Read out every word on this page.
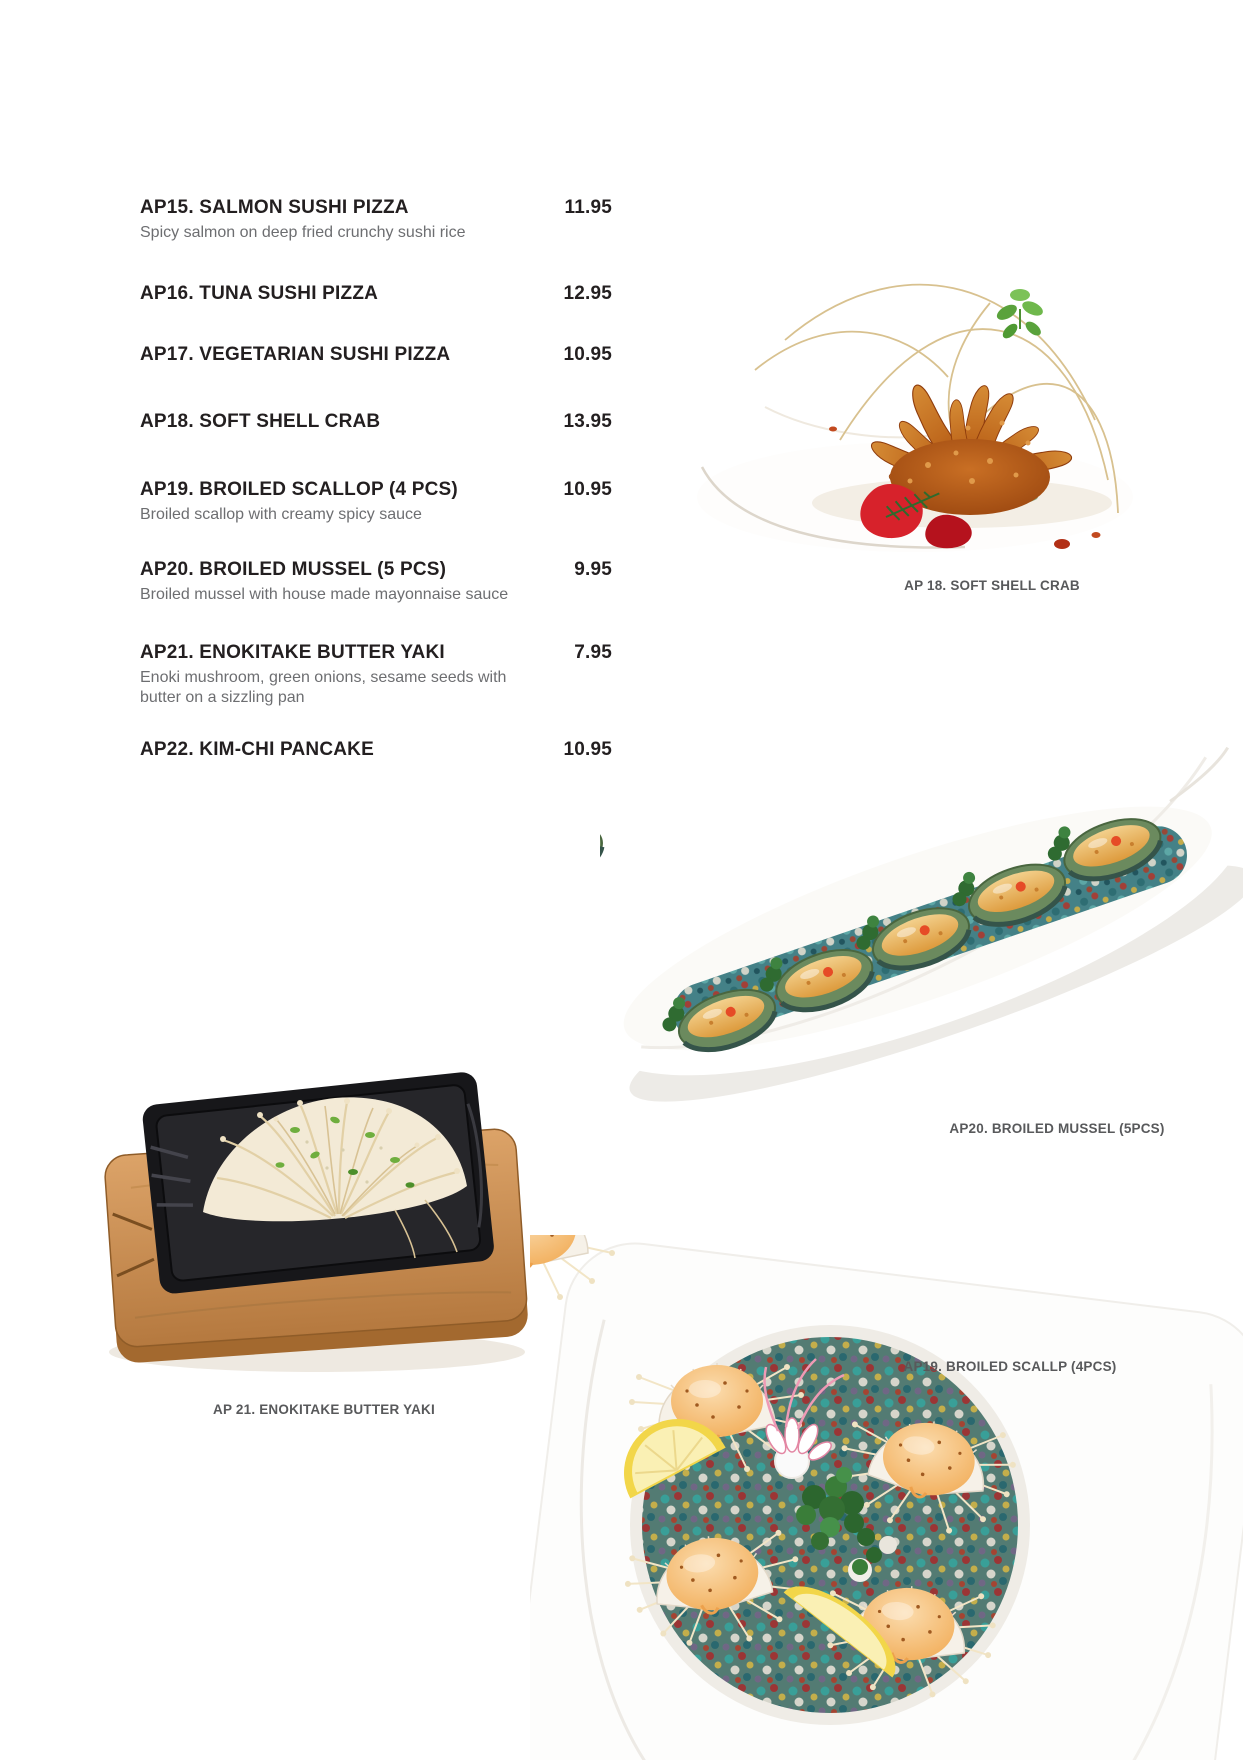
AP15. SALMON SUSHI PIZZA	11.95
Spicy salmon on deep fried crunchy sushi rice
AP16. TUNA SUSHI PIZZA	12.95
AP17. VEGETARIAN SUSHI PIZZA	10.95
AP18. SOFT SHELL CRAB	13.95
AP19. BROILED SCALLOP (4 PCS)	10.95
Broiled scallop with creamy spicy sauce
AP20. BROILED MUSSEL (5 PCS)	9.95
Broiled mussel with house made mayonnaise sauce
AP21. ENOKITAKE BUTTER YAKI	7.95
Enoki mushroom, green onions, sesame seeds with butter on a sizzling pan
AP22. KIM-CHI PANCAKE	10.95
AP 18. SOFT SHELL CRAB
AP20. BROILED MUSSEL (5PCS)
AP 21. ENOKITAKE BUTTER YAKI
AP19. BROILED SCALLP (4PCS)
